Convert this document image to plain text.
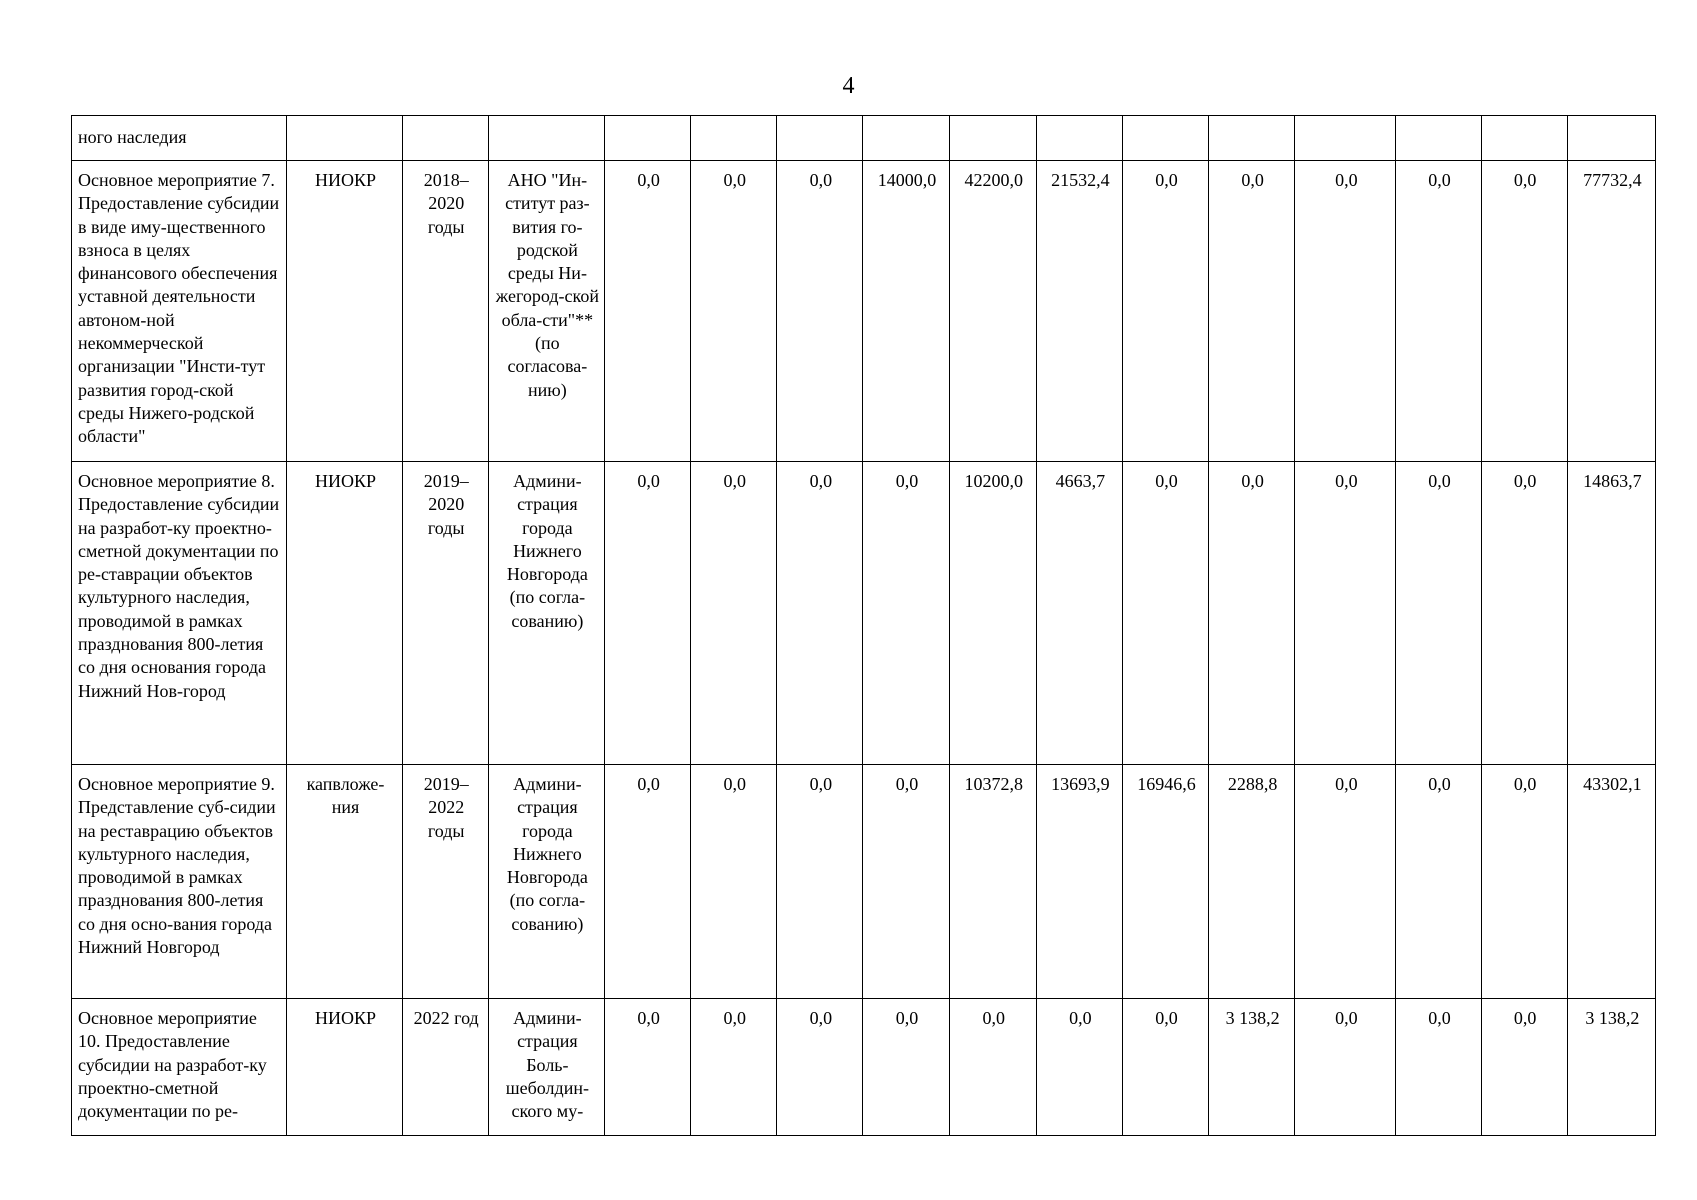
4
ного наследия															
Основное мероприятие 7. Предоставление субсидии в виде иму-щественного взноса в целях финансового обеспечения уставной деятельности автоном-ной некоммерческой организации "Инсти-тут развития город-ской среды Нижего-родской области"	НИОКР	2018– 2020 годы	АНО "Ин-ститут раз-вития го-родской среды Ни-жегород-ской обла-сти"** (по согласова-нию)	0,0	0,0	0,0	14000,0	42200,0	21532,4	0,0	0,0	0,0	0,0	0,0	77732,4
Основное мероприятие 8. Предоставление субсидии на разработ-ку проектно-сметной документации по ре-ставрации объектов культурного наследия, проводимой в рамках празднования 800-летия со дня основания города Нижний Нов-город	НИОКР	2019– 2020 годы	Админи-страция города Нижнего Новгорода (по согла-сованию)	0,0	0,0	0,0	0,0	10200,0	4663,7	0,0	0,0	0,0	0,0	0,0	14863,7
Основное мероприятие 9. Представление суб-сидии на реставрацию объектов культурного наследия, проводимой в рамках празднования 800-летия со дня осно-вания города Нижний Новгород	капвложе-ния	2019– 2022 годы	Админи-страция города Нижнего Новгорода (по согла-сованию)	0,0	0,0	0,0	0,0	10372,8	13693,9	16946,6	2288,8	0,0	0,0	0,0	43302,1
Основное мероприятие 10. Предоставление субсидии на разработ-ку проектно-сметной документации по ре-	НИОКР	2022 год	Админи-страция Боль-шеболдин-ского му-	0,0	0,0	0,0	0,0	0,0	0,0	0,0	3 138,2	0,0	0,0	0,0	3 138,2
